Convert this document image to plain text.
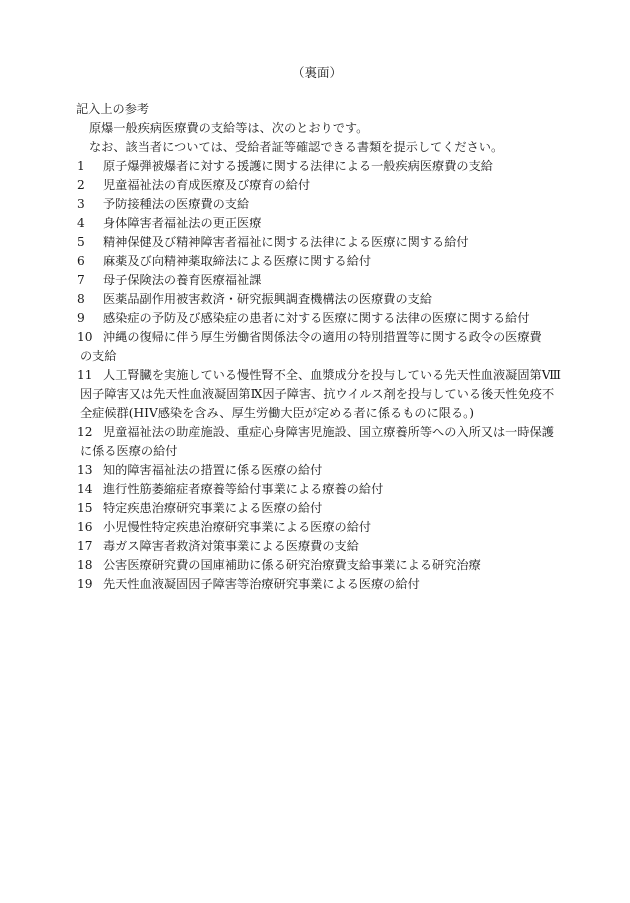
（裏面）

記入上の参考

原爆一般疾病医療費の支給等は、次のとおりです。

なお、該当者については、受給者証等確認できる書類を提示してください。

1	原子爆弾被爆者に対する援護に関する法律による一般疾病医療費の支給
2	児童福祉法の育成医療及び療育の給付
3	予防接種法の医療費の支給
4	身体障害者福祉法の更正医療
5	精神保健及び精神障害者福祉に関する法律による医療に関する給付
6	麻薬及び向精神薬取締法による医療に関する給付
7	母子保険法の養育医療福祉課
8	医薬品副作用被害救済・研究振興調査機構法の医療費の支給
9	感染症の予防及び感染症の患者に対する医療に関する法律の医療に関する給付
10 沖縄の復帰に伴う厚生労働省関係法令の適用の特別措置等に関する政令の医療費
の支給
11 人工腎臓を実施している慢性腎不全、血漿成分を投与している先天性血液凝固第Ⅷ
因子障害又は先天性血液凝固第Ⅸ因子障害、抗ウイルス剤を投与している後天性免疫不
全症候群(HIV感染を含み、厚生労働大臣が定める者に係るものに限る。)
12 児童福祉法の助産施設、重症心身障害児施設、国立療養所等への入所又は一時保護
に係る医療の給付
13 知的障害福祉法の措置に係る医療の給付
14 進行性筋萎縮症者療養等給付事業による療養の給付
15 特定疾患治療研究事業による医療の給付
16 小児慢性特定疾患治療研究事業による医療の給付
17 毒ガス障害者救済対策事業による医療費の支給
18 公害医療研究費の国庫補助に係る研究治療費支給事業による研究治療
19 先天性血液凝固因子障害等治療研究事業による医療の給付
